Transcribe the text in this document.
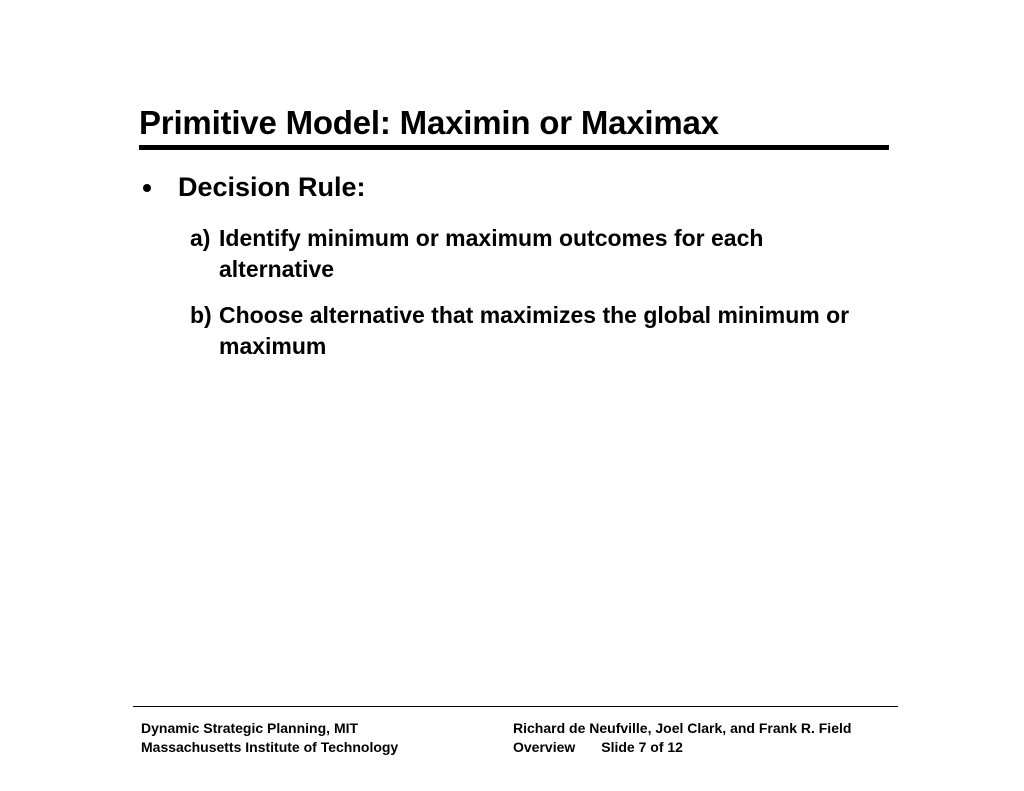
Primitive Model: Maximin or Maximax
Decision Rule:
a) Identify minimum or maximum outcomes for each alternative
b) Choose alternative that maximizes the global minimum or maximum
Dynamic Strategic Planning, MIT
Massachusetts Institute of Technology
Richard de Neufville, Joel Clark, and Frank R. Field
Overview Slide 7 of 12
